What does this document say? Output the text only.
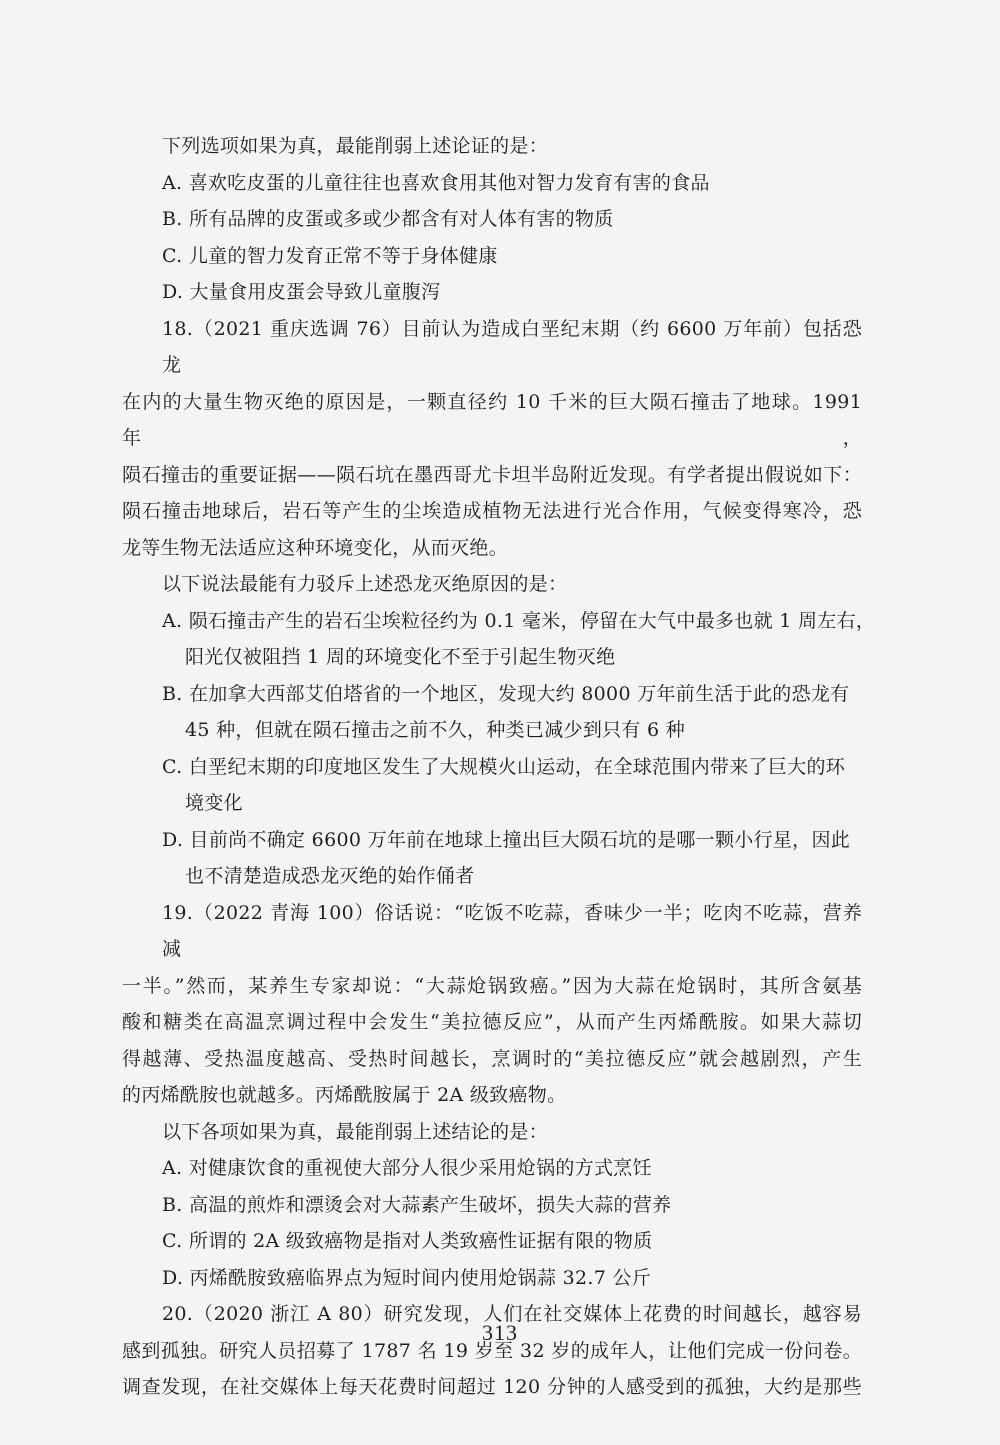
下列选项如果为真，最能削弱上述论证的是：
A. 喜欢吃皮蛋的儿童往往也喜欢食用其他对智力发育有害的食品
B. 所有品牌的皮蛋或多或少都含有对人体有害的物质
C. 儿童的智力发育正常不等于身体健康
D. 大量食用皮蛋会导致儿童腹泻
18.（2021 重庆选调 76）目前认为造成白垩纪末期（约 6600 万年前）包括恐龙
在内的大量生物灭绝的原因是，一颗直径约 10 千米的巨大陨石撞击了地球。1991 年，
陨石撞击的重要证据——陨石坑在墨西哥尤卡坦半岛附近发现。有学者提出假说如下：
陨石撞击地球后，岩石等产生的尘埃造成植物无法进行光合作用，气候变得寒冷，恐
龙等生物无法适应这种环境变化，从而灭绝。
以下说法最能有力驳斥上述恐龙灭绝原因的是：
A. 陨石撞击产生的岩石尘埃粒径约为 0.1 毫米，停留在大气中最多也就 1 周左右，
阳光仅被阻挡 1 周的环境变化不至于引起生物灭绝
B. 在加拿大西部艾伯塔省的一个地区，发现大约 8000 万年前生活于此的恐龙有
45 种，但就在陨石撞击之前不久，种类已减少到只有 6 种
C. 白垩纪末期的印度地区发生了大规模火山运动，在全球范围内带来了巨大的环
境变化
D. 目前尚不确定 6600 万年前在地球上撞出巨大陨石坑的是哪一颗小行星，因此
也不清楚造成恐龙灭绝的始作俑者
19.（2022 青海 100）俗话说：“吃饭不吃蒜，香味少一半；吃肉不吃蒜，营养减
一半。”然而，某养生专家却说：“大蒜炝锅致癌。”因为大蒜在炝锅时，其所含氨基
酸和糖类在高温烹调过程中会发生“美拉德反应”，从而产生丙烯酰胺。如果大蒜切
得越薄、受热温度越高、受热时间越长，烹调时的“美拉德反应”就会越剧烈，产生
的丙烯酰胺也就越多。丙烯酰胺属于 2A 级致癌物。
以下各项如果为真，最能削弱上述结论的是：
A. 对健康饮食的重视使大部分人很少采用炝锅的方式烹饪
B. 高温的煎炸和漂烫会对大蒜素产生破坏，损失大蒜的营养
C. 所谓的 2A 级致癌物是指对人类致癌性证据有限的物质
D. 丙烯酰胺致癌临界点为短时间内使用炝锅蒜 32.7 公斤
20.（2020 浙江 A 80）研究发现，人们在社交媒体上花费的时间越长，越容易
感到孤独。研究人员招募了 1787 名 19 岁至 32 岁的成年人，让他们完成一份问卷。
调查发现，在社交媒体上每天花费时间超过 120 分钟的人感受到的孤独，大约是那些
313
